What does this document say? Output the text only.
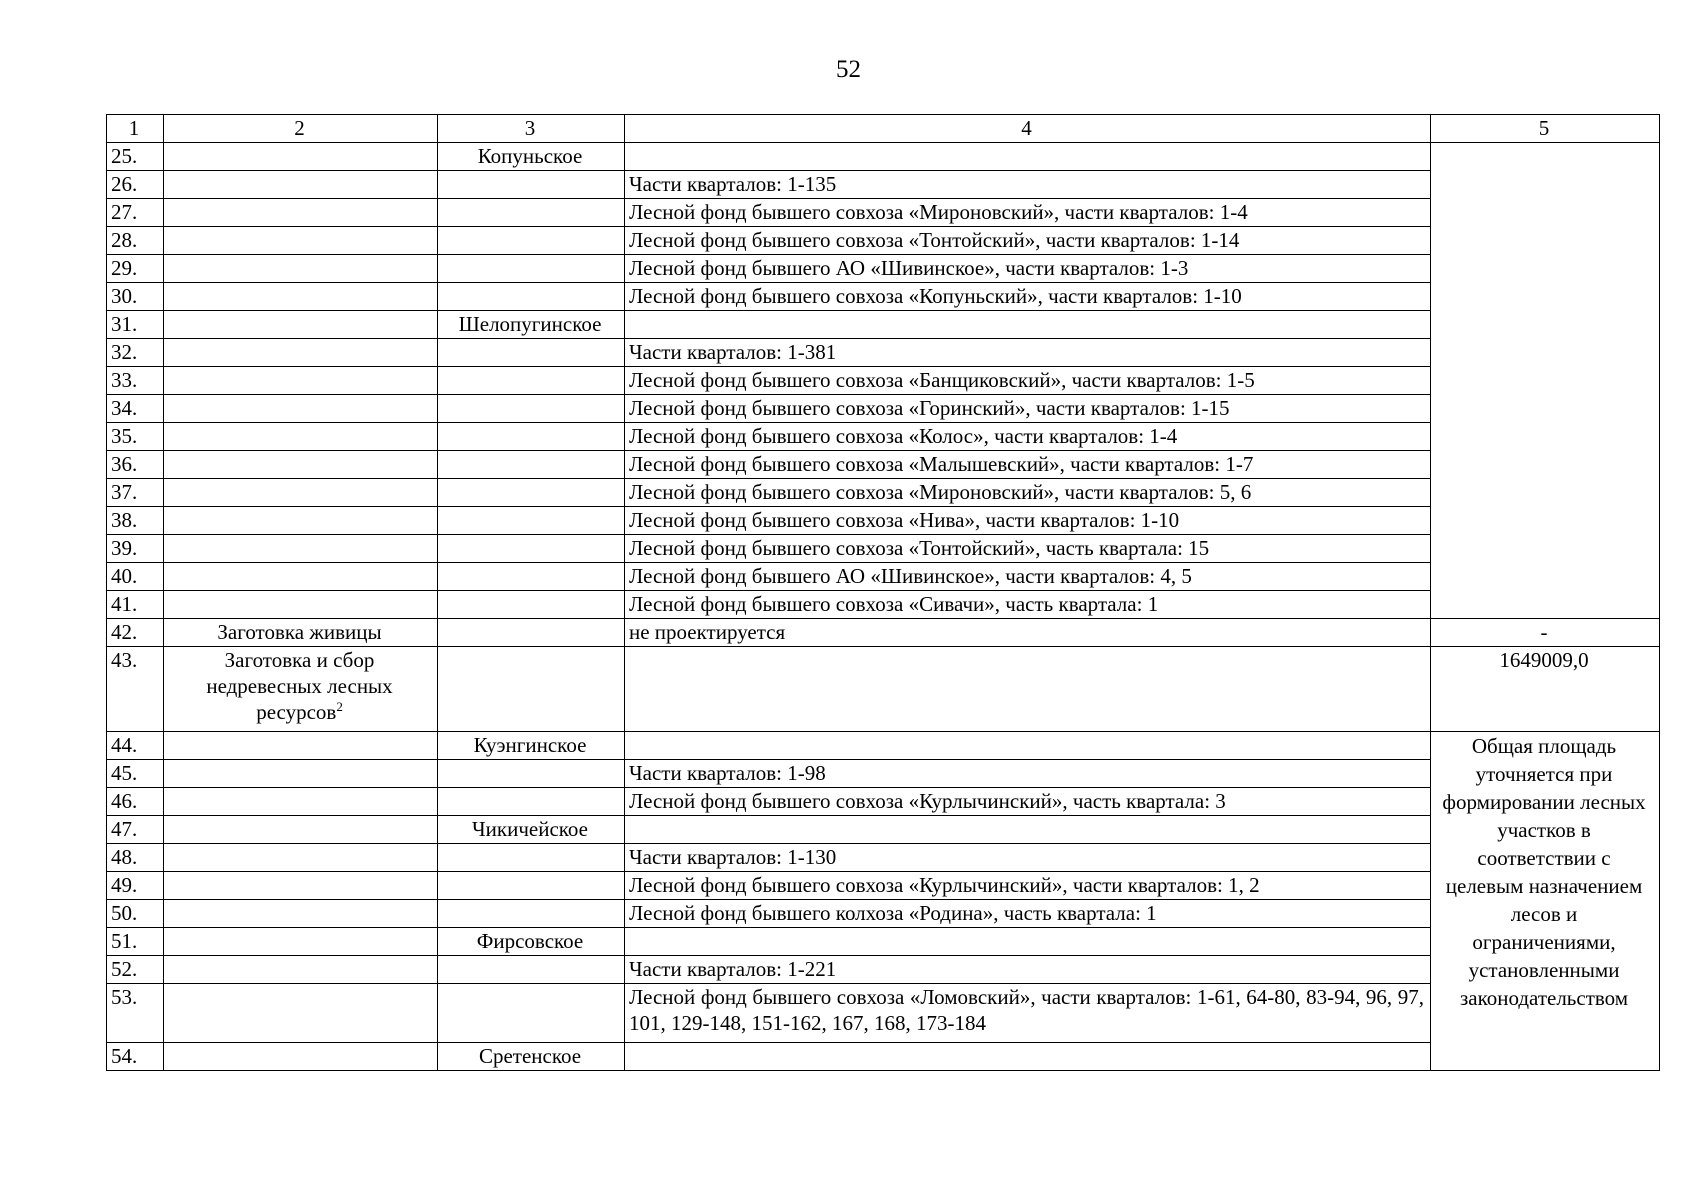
52
1	2	3	4	5
25.		Копуньское		
26.			Части кварталов: 1-135	
27.			Лесной фонд бывшего совхоза «Мироновский», части кварталов: 1-4	
28.			Лесной фонд бывшего совхоза «Тонтойский», части кварталов: 1-14	
29.			Лесной фонд бывшего АО «Шивинское», части кварталов: 1-3	
30.			Лесной фонд бывшего совхоза «Копуньский», части кварталов: 1-10	
31.		Шелопугинское		
32.			Части кварталов: 1-381	
33.			Лесной фонд бывшего совхоза «Банщиковский», части кварталов: 1-5	
34.			Лесной фонд бывшего совхоза «Горинский», части кварталов: 1-15	
35.			Лесной фонд бывшего совхоза «Колос», части кварталов: 1-4	
36.			Лесной фонд бывшего совхоза «Малышевский», части кварталов: 1-7	
37.			Лесной фонд бывшего совхоза «Мироновский», части кварталов: 5, 6	
38.			Лесной фонд бывшего совхоза «Нива», части кварталов: 1-10	
39.			Лесной фонд бывшего совхоза «Тонтойский», часть квартала: 15	
40.			Лесной фонд бывшего АО «Шивинское», части кварталов: 4, 5	
41.			Лесной фонд бывшего совхоза «Сивачи», часть квартала: 1	
42.	Заготовка живицы		не проектируется	-
43.	Заготовка и сбор недревесных лесных ресурсов$^2$			1649009,0
44.		Куэнгинское		Общая площадь уточняется при формировании лесных участков в соответствии с целевым назначением лесов и ограничениями, установленными законодательством

45.			Части кварталов: 1-98	
46.			Лесной фонд бывшего совхоза «Курлычинский», часть квартала: 3	
47.		Чикичейское		
48.			Части кварталов: 1-130	
49.			Лесной фонд бывшего совхоза «Курлычинский», части кварталов: 1, 2	
50.			Лесной фонд бывшего колхоза «Родина», часть квартала: 1	
51.		Фирсовское		
52.			Части кварталов: 1-221	
53.			Лесной фонд бывшего совхоза «Ломовский», части кварталов: 1-61, 64-80, 83-94, 96, 97, 101, 129-148, 151-162, 167, 168, 173-184	
54.		Сретенское		
